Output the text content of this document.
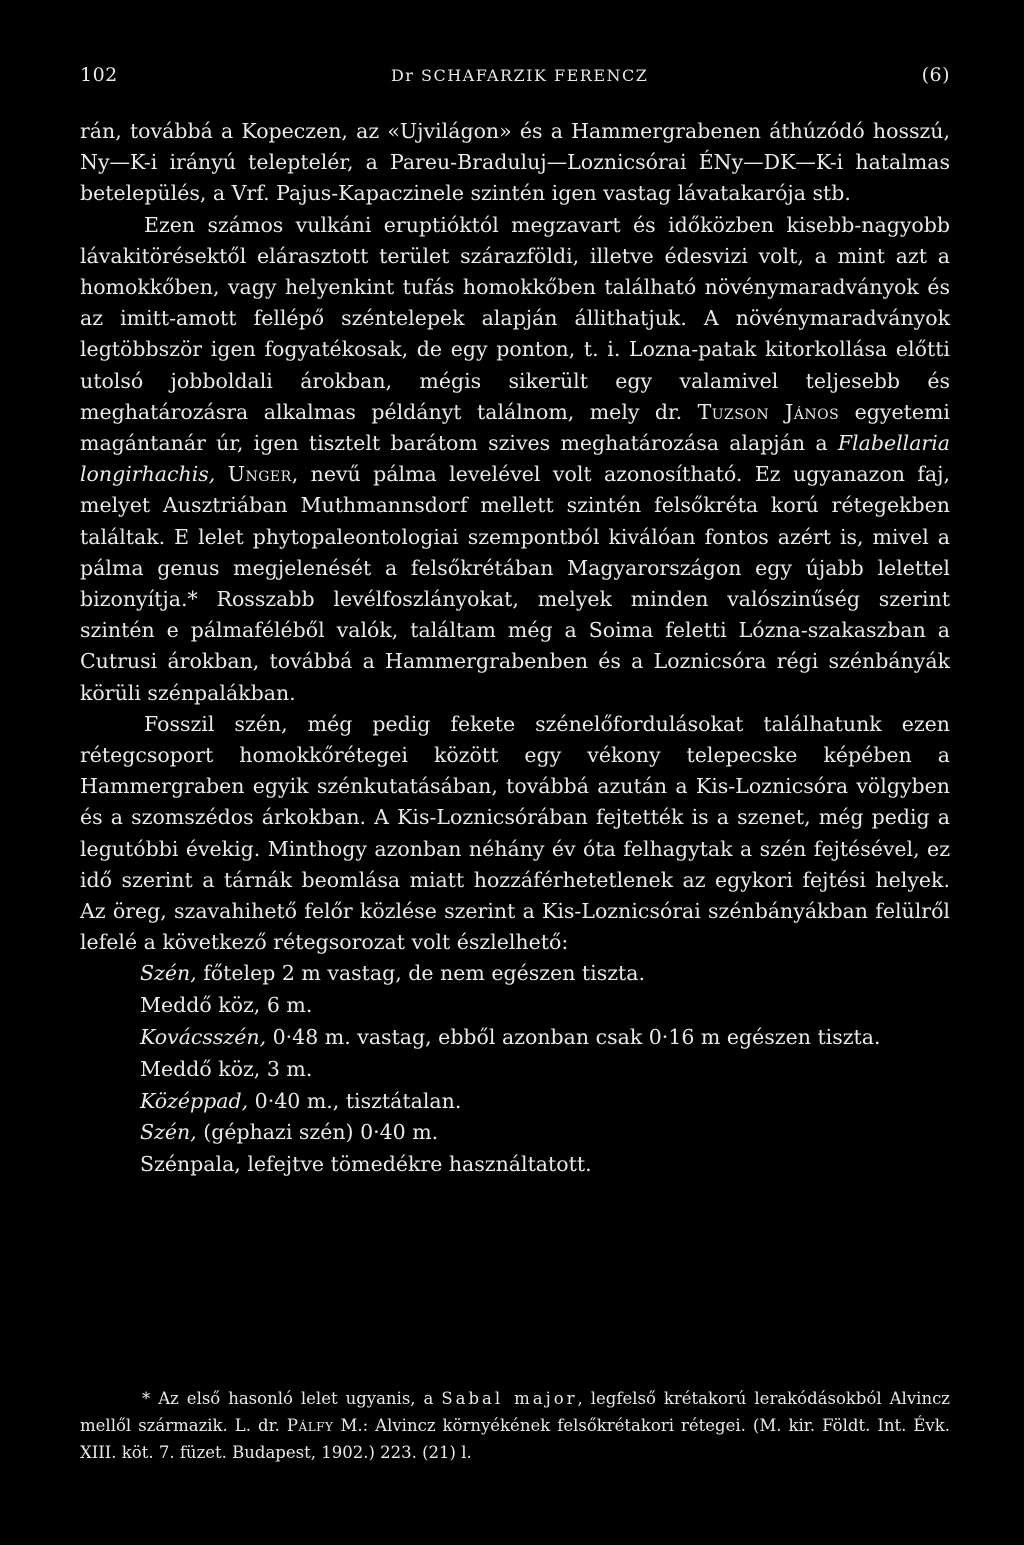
102	Dr SCHAFARZIK FERENCZ	(6)

rán, továbbá a Kopeczen, az «Ujvilágon» és a Hammergrabenen áthúzódó hosszú, Ny—K-i irányú teleptelér, a Pareu-Braduluj—Loznicsórai ÉNy—DK—K-i hatalmas betelepülés, a Vrf. Pajus-Kapaczinele szintén igen vastag lávatakarója stb.

Ezen számos vulkáni eruptióktól megzavart és időközben kisebb-nagyobb lávakitörésektől elárasztott terület szárazföldi, illetve édesvizi volt, a mint azt a homokkőben, vagy helyenkint tufás homokkőben található növénymaradványok és az imitt-amott fellépő széntelepek alapján állithatjuk. A növénymaradványok legtöbbször igen fogyatékosak, de egy ponton, t. i. Lozna-patak kitorkollása előtti utolsó jobboldali árokban, mégis sikerült egy valamivel teljesebb és meghatározásra alkalmas példányt találnom, mely dr. Tuzson János egyetemi magántanár úr, igen tisztelt barátom szives meghatározása alapján a Flabellaria longirhachis, Unger, nevű pálma levelével volt azonosítható. Ez ugyanazon faj, melyet Ausztriában Muthmannsdorf mellett szintén felsőkréta korú rétegekben találtak. E lelet phytopaleontologiai szempontból kiválóan fontos azért is, mivel a pálma genus megjelenését a felsőkrétában Magyarországon egy újabb lelettel bizonyítja.* Rosszabb levélfoszlányokat, melyek minden valószinűség szerint szintén e pálmaféléből valók, találtam még a Soima feletti Lózna-szakaszban a Cutrusi árokban, továbbá a Hammergrabenben és a Loznicsóra régi szénbányák körüli szénpalákban.

Fosszil szén, még pedig fekete szénelőfordulásokat találhatunk ezen rétegcsoport homokkőrétegei között egy vékony telepecske képében a Hammergraben egyik szénkutatásában, továbbá azután a Kis-Loznicsóra völgyben és a szomszédos árkokban. A Kis-Loznicsórában fejtették is a szenet, még pedig a legutóbbi évekig. Minthogy azonban néhány év óta felhagytak a szén fejtésével, ez idő szerint a tárnák beomlása miatt hozzáférhetetlenek az egykori fejtési helyek. Az öreg, szavahihető felőr közlése szerint a Kis-Loznicsórai szénbányákban felülről lefelé a következő rétegsorozat volt észlelhető:

Szén, főtelep 2 m vastag, de nem egészen tiszta.
Meddő köz, 6 m.
Kovácsszén, 0·48 m. vastag, ebből azonban csak 0·16 m egészen tiszta.
Meddő köz, 3 m.
Középpad, 0·40 m., tisztátalan.
Szén, (géphazi szén) 0·40 m.
Szénpala, lefejtve tömedékre használtatott.

* Az első hasonló lelet ugyanis, a Sabal major, legfelső krétakorú lerakódásokból Alvincz mellől származik. L. dr. Pálfy M.: Alvincz környékének felsőkrétakori rétegei. (M. kir. Földt. Int. Évk. XIII. köt. 7. füzet. Budapest, 1902.) 223. (21) l.
